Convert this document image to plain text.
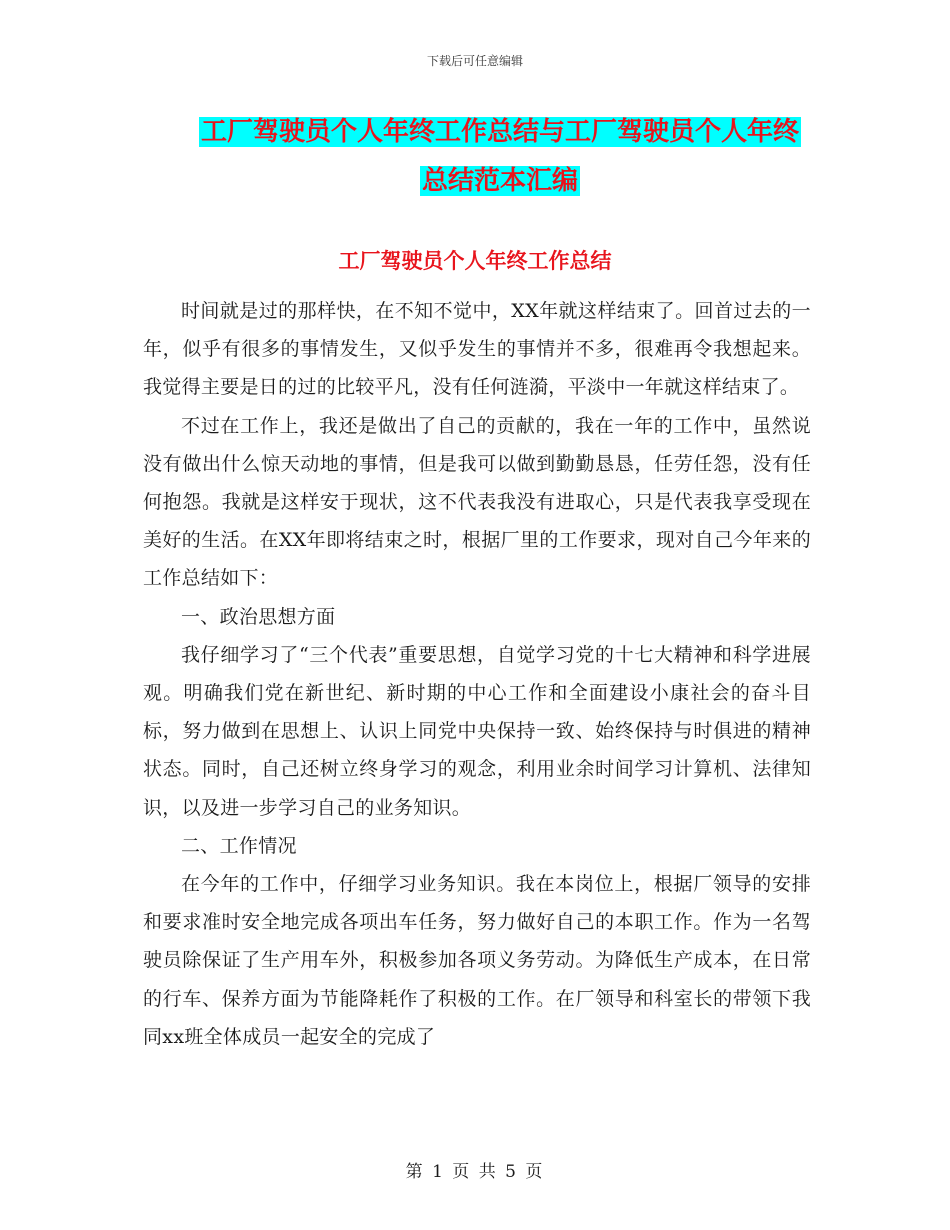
下载后可任意编辑
工厂驾驶员个人年终工作总结与工厂驾驶员个人年终
总结范本汇编
工厂驾驶员个人年终工作总结

时间就是过的那样快，在不知不觉中，XX年就这样结束了。回首过去的一年，似乎有很多的事情发生，又似乎发生的事情并不多，很难再令我想起来。我觉得主要是日的过的比较平凡，没有任何涟漪，平淡中一年就这样结束了。

不过在工作上，我还是做出了自己的贡献的，我在一年的工作中，虽然说没有做出什么惊天动地的事情，但是我可以做到勤勤恳恳，任劳任怨，没有任何抱怨。我就是这样安于现状，这不代表我没有进取心，只是代表我享受现在美好的生活。在XX年即将结束之时，根据厂里的工作要求，现对自己今年来的工作总结如下：

一、政治思想方面

我仔细学习了“三个代表”重要思想，自觉学习党的十七大精神和科学进展观。明确我们党在新世纪、新时期的中心工作和全面建设小康社会的奋斗目标，努力做到在思想上、认识上同党中央保持一致、始终保持与时俱进的精神状态。同时，自己还树立终身学习的观念，利用业余时间学习计算机、法律知识，以及进一步学习自己的业务知识。

二、工作情况

在今年的工作中，仔细学习业务知识。我在本岗位上，根据厂领导的安排和要求准时安全地完成各项出车任务，努力做好自己的本职工作。作为一名驾驶员除保证了生产用车外，积极参加各项义务劳动。为降低生产成本，在日常的行车、保养方面为节能降耗作了积极的工作。在厂领导和科室长的带领下我同xx班全体成员一起安全的完成了

第 1 页 共 5 页
